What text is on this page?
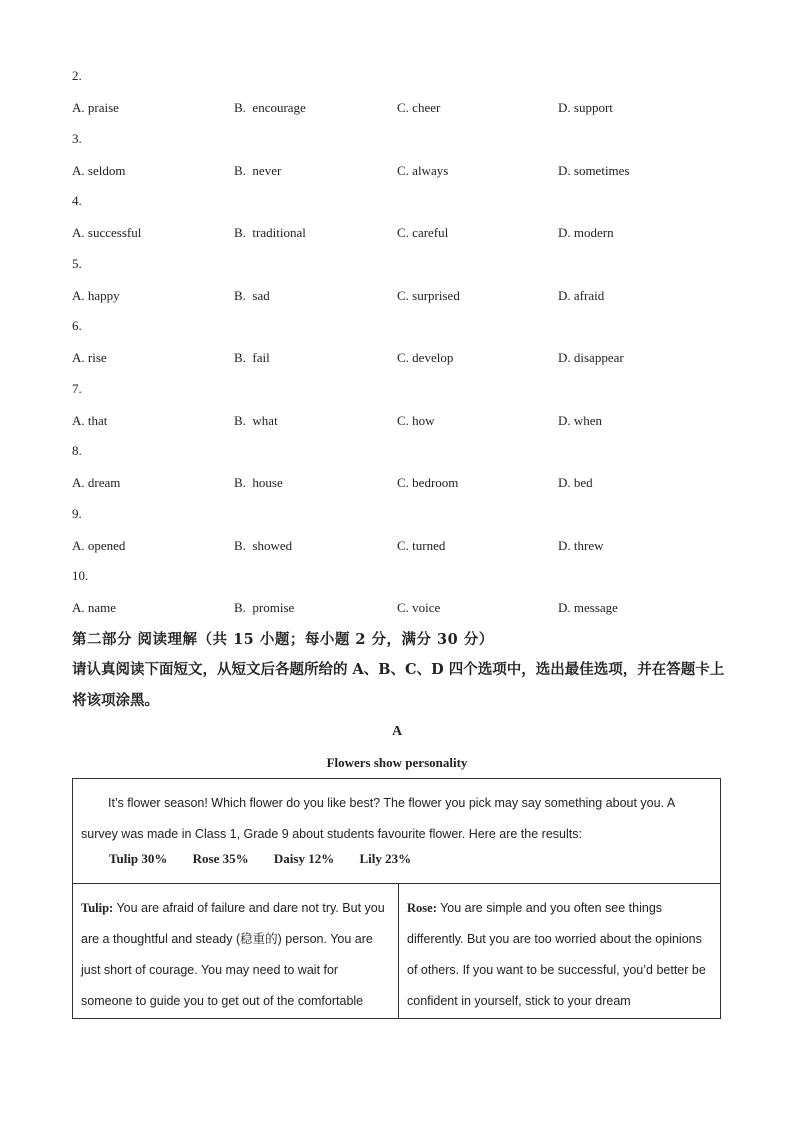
2.
A. praise	B.  encourage	C. cheer	D. support
3.
A. seldom	B.  never	C. always	D. sometimes
4.
A. successful	B.  traditional	C. careful	D. modern
5.
A. happy	B.  sad	C. surprised	D. afraid
6.
A. rise	B.  fail	C. develop	D. disappear
7.
A. that	B.  what	C. how	D. when
8.
A. dream	B.  house	C. bedroom	D. bed
9.
A. opened	B.  showed	C. turned	D. threw
10.
A. name	B.  promise	C. voice	D. message
第二部分 阅读理解（共 15 小题；每小题 2 分，满分 30 分）
请认真阅读下面短文，从短文后各题所给的 A、B、C、D 四个选项中，选出最佳选项，并在答题卡上将该项涂黑。
A
Flowers show personality
It’s flower season! Which flower do you like best? The flower you pick may say something about you. A survey was made in Class 1, Grade 9 about students favourite flower. Here are the results:
Tulip 30% Rose 35% Daisy 12% Lily 23%
Tulip: You are afraid of failure and dare not try. But you are a thoughtful and steady (稳重的) person. You are just short of courage. You may need to wait for someone to guide you to get out of the comfortable
Rose: You are simple and you often see things differently. But you are too worried about the opinions of others. If you want to be successful, you’d better be confident in yourself, stick to your dream
